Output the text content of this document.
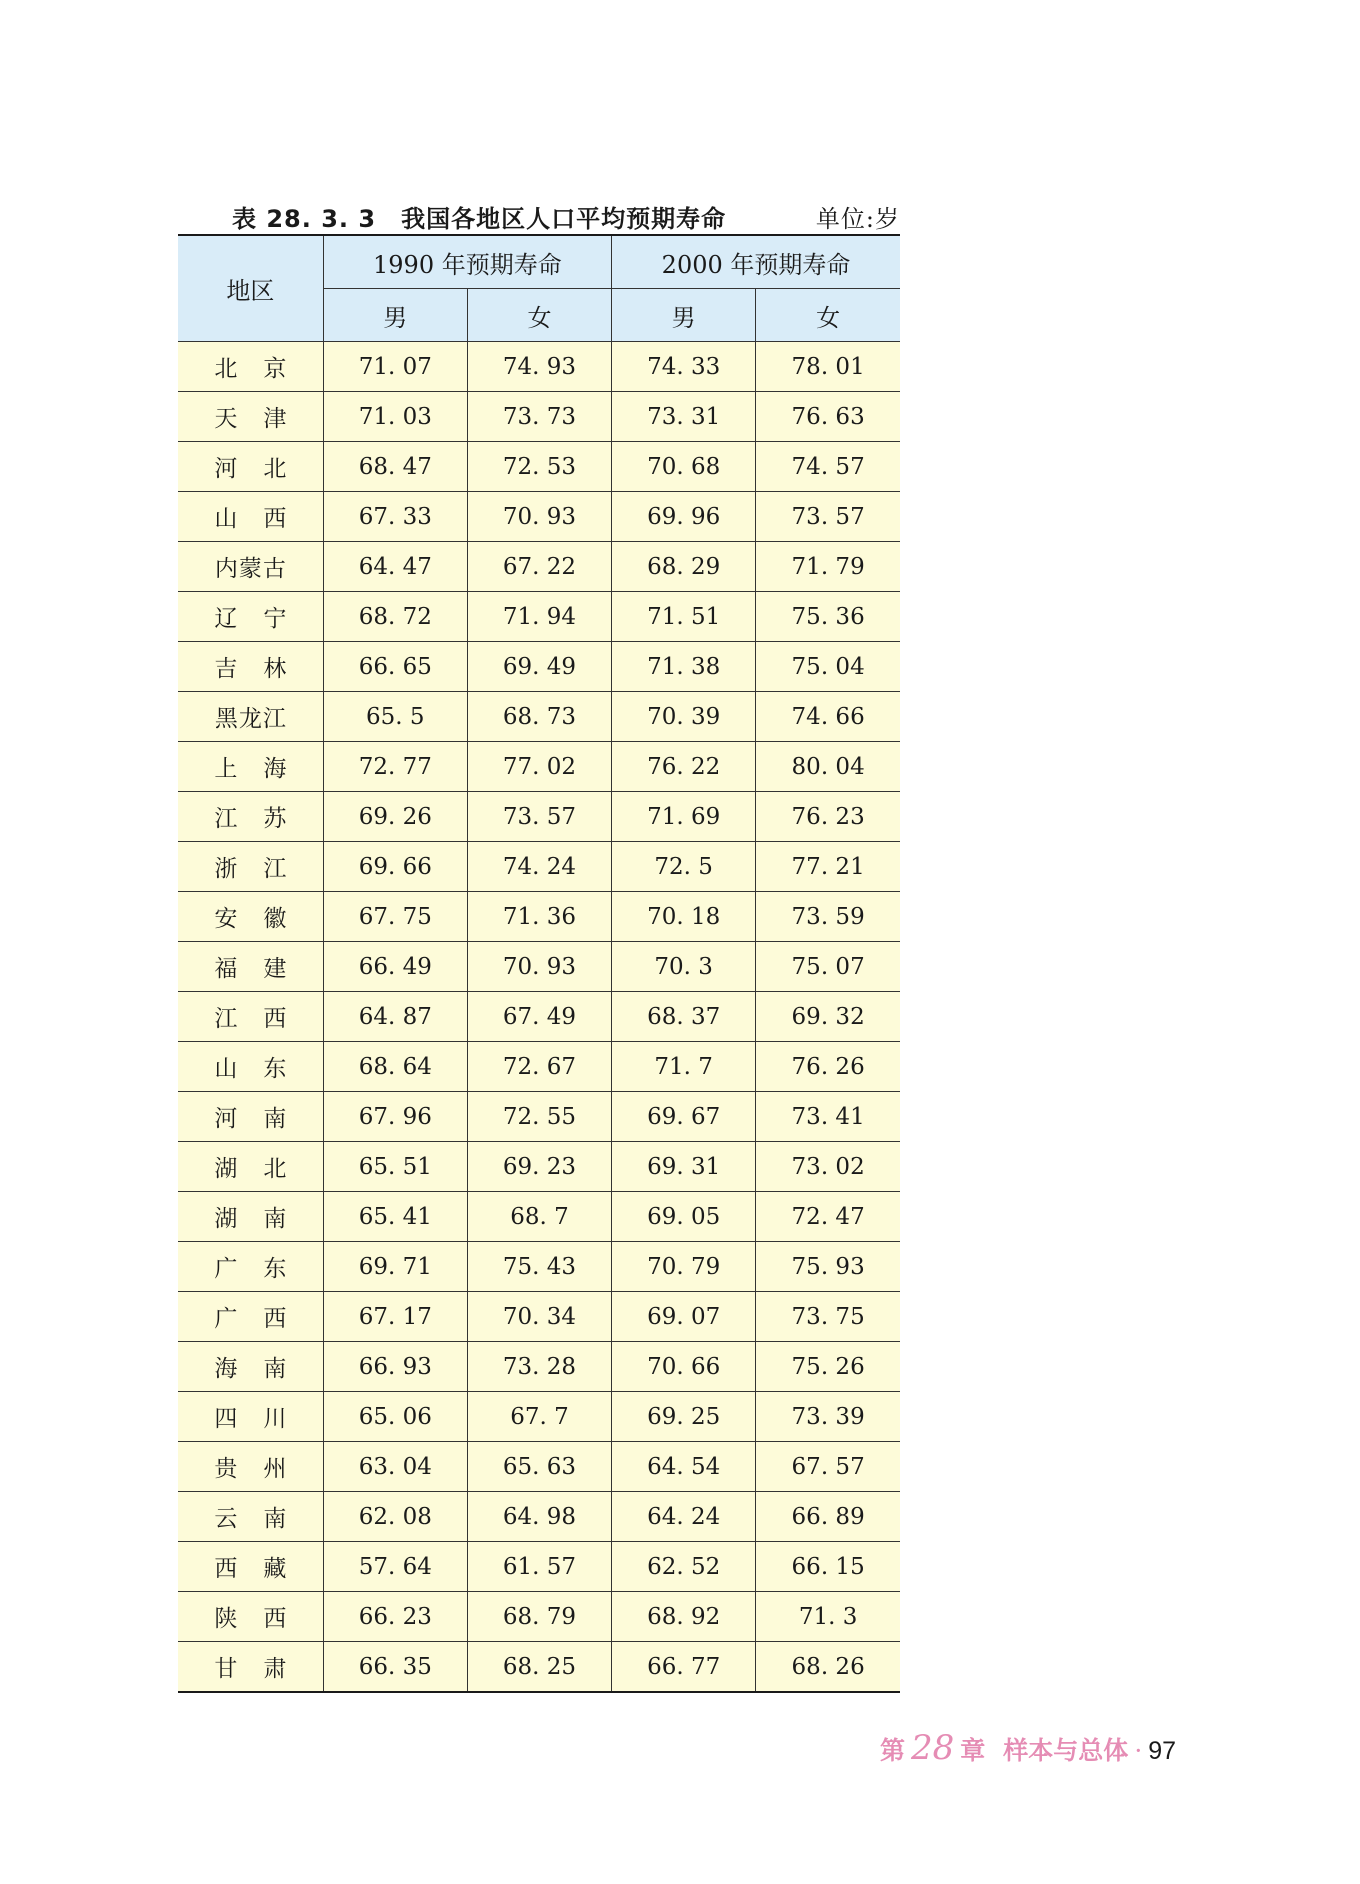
表 28. 3. 3　我国各地区人口平均预期寿命	单位:岁
地区	1990 年预期寿命		2000 年预期寿命	
	男	女	男	女
北京	71. 07	74. 93	74. 33	78. 01
天津	71. 03	73. 73	73. 31	76. 63
河北	68. 47	72. 53	70. 68	74. 57
山西	67. 33	70. 93	69. 96	73. 57
内蒙古	64. 47	67. 22	68. 29	71. 79
辽宁	68. 72	71. 94	71. 51	75. 36
吉林	66. 65	69. 49	71. 38	75. 04
黑龙江	65. 5	68. 73	70. 39	74. 66
上海	72. 77	77. 02	76. 22	80. 04
江苏	69. 26	73. 57	71. 69	76. 23
浙江	69. 66	74. 24	72. 5	77. 21
安徽	67. 75	71. 36	70. 18	73. 59
福建	66. 49	70. 93	70. 3	75. 07
江西	64. 87	67. 49	68. 37	69. 32
山东	68. 64	72. 67	71. 7	76. 26
河南	67. 96	72. 55	69. 67	73. 41
湖北	65. 51	69. 23	69. 31	73. 02
湖南	65. 41	68. 7	69. 05	72. 47
广东	69. 71	75. 43	70. 79	75. 93
广西	67. 17	70. 34	69. 07	73. 75
海南	66. 93	73. 28	70. 66	75. 26
四川	65. 06	67. 7	69. 25	73. 39
贵州	63. 04	65. 63	64. 54	67. 57
云南	62. 08	64. 98	64. 24	66. 89
西藏	57. 64	61. 57	62. 52	66. 15
陕西	66. 23	68. 79	68. 92	71. 3
甘肃	66. 35	68. 25	66. 77	68. 26
第 28 章 样本与总体 · 97
